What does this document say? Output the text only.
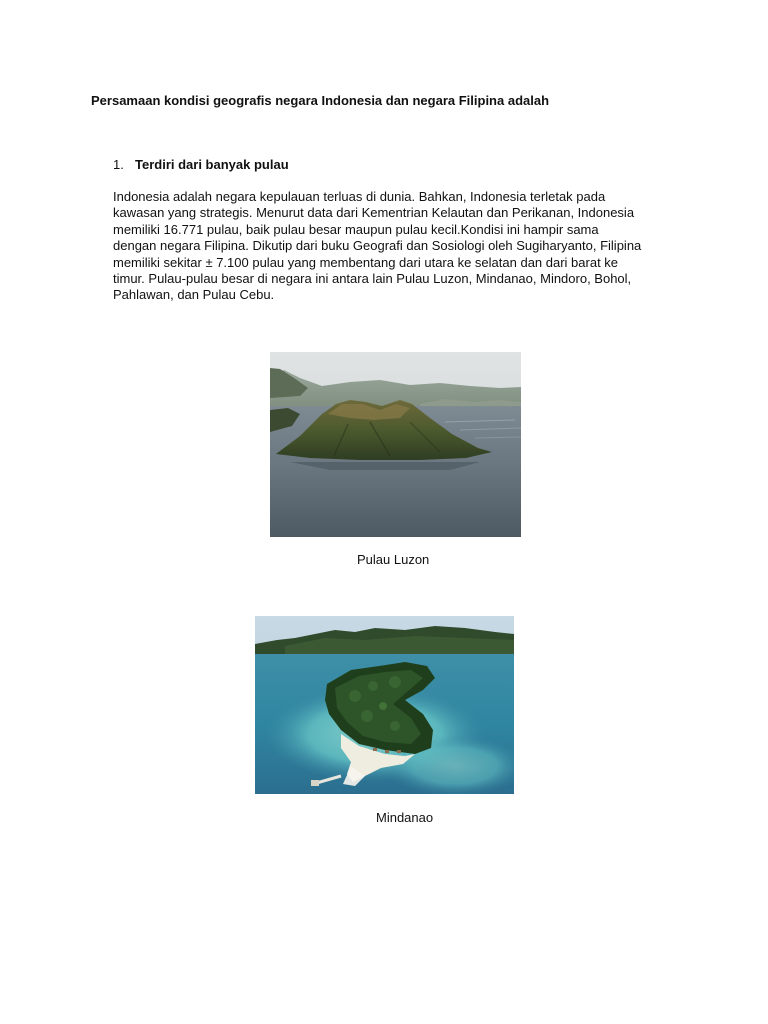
Persamaan kondisi geografis negara Indonesia dan negara Filipina adalah
1. Terdiri dari banyak pulau

Indonesia adalah negara kepulauan terluas di dunia. Bahkan, Indonesia terletak pada
kawasan yang strategis. Menurut data dari Kementrian Kelautan dan Perikanan, Indonesia
memiliki 16.771 pulau, baik pulau besar maupun pulau kecil.Kondisi ini hampir sama
dengan negara Filipina. Dikutip dari buku Geografi dan Sosiologi oleh Sugiharyanto, Filipina
memiliki sekitar ± 7.100 pulau yang membentang dari utara ke selatan dan dari barat ke
timur. Pulau-pulau besar di negara ini antara lain Pulau Luzon, Mindanao, Mindoro, Bohol,
Pahlawan, dan Pulau Cebu.

Pulau Luzon
Mindanao
